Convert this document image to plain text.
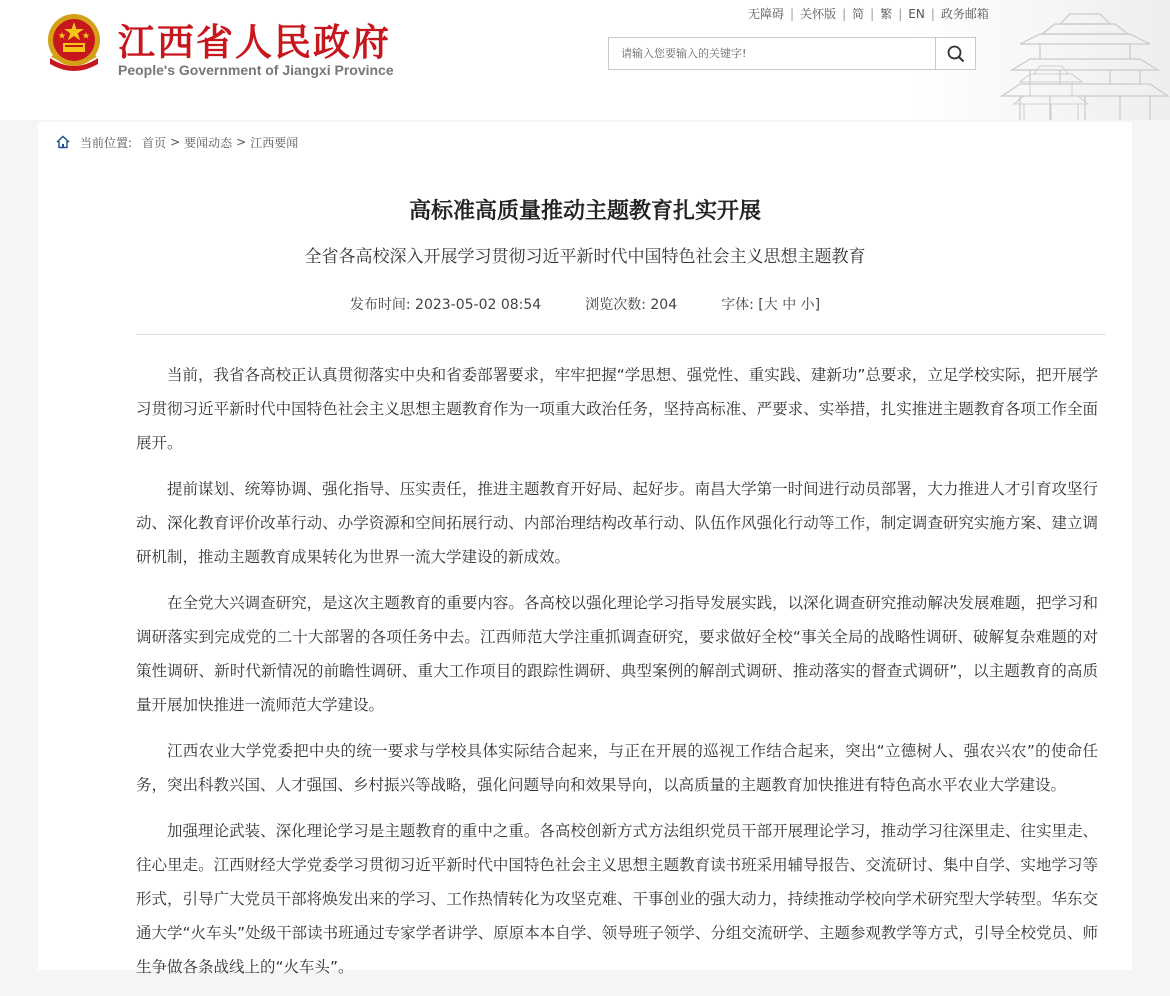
江西省人民政府
People's Government of Jiangxi Province
无障碍 | 关怀版 | 简 | 繁 | EN | 政务邮箱
请输入您要输入的关键字!
当前位置: 首页 > 要闻动态 > 江西要闻
高标准高质量推动主题教育扎实开展
全省各高校深入开展学习贯彻习近平新时代中国特色社会主义思想主题教育
发布时间: 2023-05-02 08:54	浏览次数: 204	字体: [大 中 小]

当前，我省各高校正认真贯彻落实中央和省委部署要求，牢牢把握“学思想、强党性、重实践、建新功”总要求，立足学校实际，把开展学习贯彻习近平新时代中国特色社会主义思想主题教育作为一项重大政治任务，坚持高标准、严要求、实举措，扎实推进主题教育各项工作全面展开。

提前谋划、统筹协调、强化指导、压实责任，推进主题教育开好局、起好步。南昌大学第一时间进行动员部署，大力推进人才引育攻坚行动、深化教育评价改革行动、办学资源和空间拓展行动、内部治理结构改革行动、队伍作风强化行动等工作，制定调查研究实施方案、建立调研机制，推动主题教育成果转化为世界一流大学建设的新成效。

在全党大兴调查研究，是这次主题教育的重要内容。各高校以强化理论学习指导发展实践，以深化调查研究推动解决发展难题，把学习和调研落实到完成党的二十大部署的各项任务中去。江西师范大学注重抓调查研究，要求做好全校“事关全局的战略性调研、破解复杂难题的对策性调研、新时代新情况的前瞻性调研、重大工作项目的跟踪性调研、典型案例的解剖式调研、推动落实的督查式调研”，以主题教育的高质量开展加快推进一流师范大学建设。

江西农业大学党委把中央的统一要求与学校具体实际结合起来，与正在开展的巡视工作结合起来，突出“立德树人、强农兴农”的使命任务，突出科教兴国、人才强国、乡村振兴等战略，强化问题导向和效果导向，以高质量的主题教育加快推进有特色高水平农业大学建设。

加强理论武装、深化理论学习是主题教育的重中之重。各高校创新方式方法组织党员干部开展理论学习，推动学习往深里走、往实里走、往心里走。江西财经大学党委学习贯彻习近平新时代中国特色社会主义思想主题教育读书班采用辅导报告、交流研讨、集中自学、实地学习等形式，引导广大党员干部将焕发出来的学习、工作热情转化为攻坚克难、干事创业的强大动力，持续推动学校向学术研究型大学转型。华东交通大学“火车头”处级干部读书班通过专家学者讲学、原原本本自学、领导班子领学、分组交流研学、主题参观教学等方式，引导全校党员、师生争做各条战线上的“火车头”。
